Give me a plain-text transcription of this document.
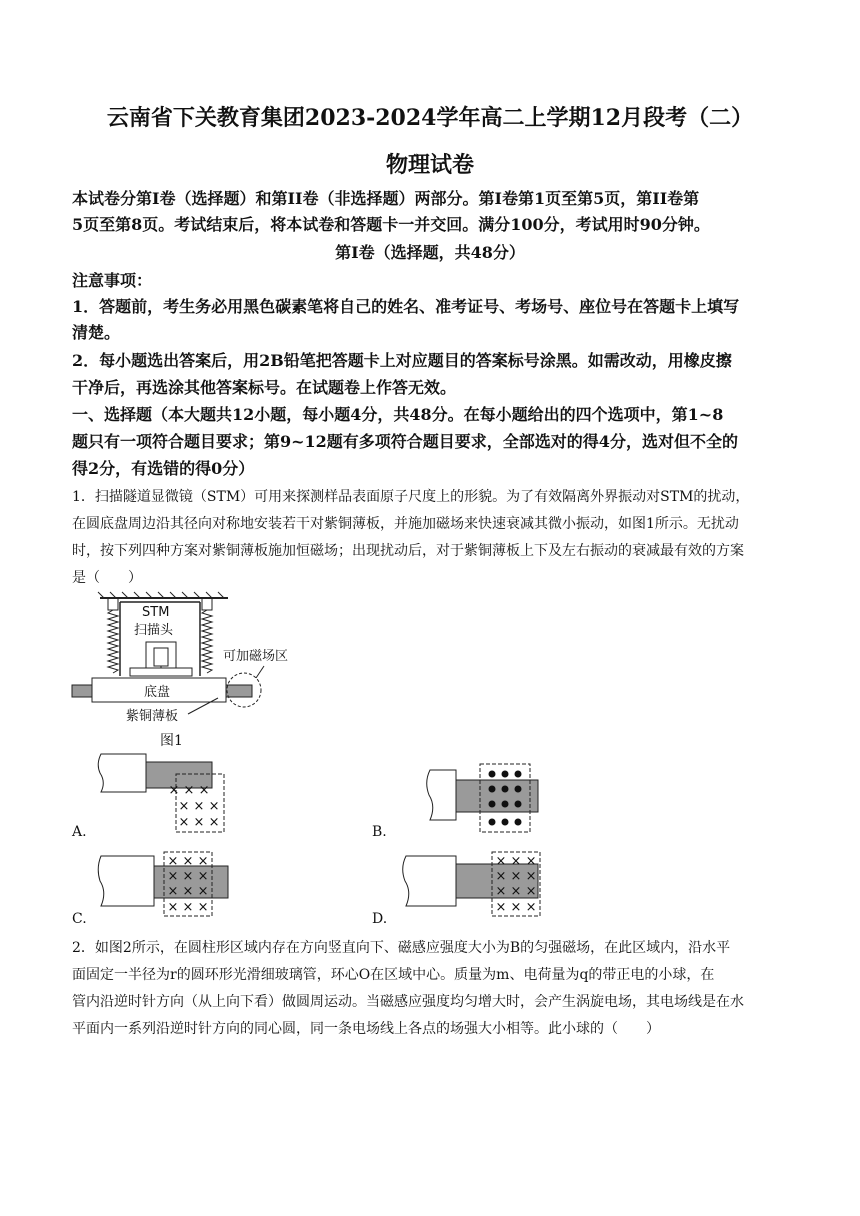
云南省下关教育集团2023-2024学年高二上学期12月段考（二）
物理试卷
本试卷分第I卷（选择题）和第II卷（非选择题）两部分。第I卷第1页至第5页，第II卷第
5页至第8页。考试结束后，将本试卷和答题卡一并交回。满分100分，考试用时90分钟。
第I卷（选择题，共48分）
注意事项：
1．答题前，考生务必用黑色碳素笔将自己的姓名、准考证号、考场号、座位号在答题卡上填写
清楚。
2．每小题选出答案后，用2B铅笔把答题卡上对应题目的答案标号涂黑。如需改动，用橡皮擦
干净后，再选涂其他答案标号。在试题卷上作答无效。
一、选择题（本大题共12小题，每小题4分，共48分。在每小题给出的四个选项中，第1~8
题只有一项符合题目要求；第9~12题有多项符合题目要求，全部选对的得4分，选对但不全的
得2分，有选错的得0分）
1．扫描隧道显微镜（STM）可用来探测样品表面原子尺度上的形貌。为了有效隔离外界振动对STM的扰动，
在圆底盘周边沿其径向对称地安装若干对紫铜薄板，并施加磁场来快速衰减其微小振动，如图1所示。无扰动
时，按下列四种方案对紫铜薄板施加恒磁场；出现扰动后，对于紫铜薄板上下及左右振动的衰减最有效的方案
是（　　）
STM
扫描头
底盘
可加磁场区
紫铜薄板
图1
× × ×
× × ×
× × ×
A.	B.
× × ×
× × ×
× × ×
× × ×
C.
× × ×
× × ×
× × ×
× × ×
D.
2．如图2所示，在圆柱形区域内存在方向竖直向下、磁感应强度大小为B的匀强磁场，在此区域内，沿水平
面固定一半径为r的圆环形光滑细玻璃管，环心O在区域中心。质量为m、电荷量为q的带正电的小球，在
管内沿逆时针方向（从上向下看）做圆周运动。当磁感应强度均匀增大时，会产生涡旋电场，其电场线是在水
平面内一系列沿逆时针方向的同心圆，同一条电场线上各点的场强大小相等。此小球的（　　）
